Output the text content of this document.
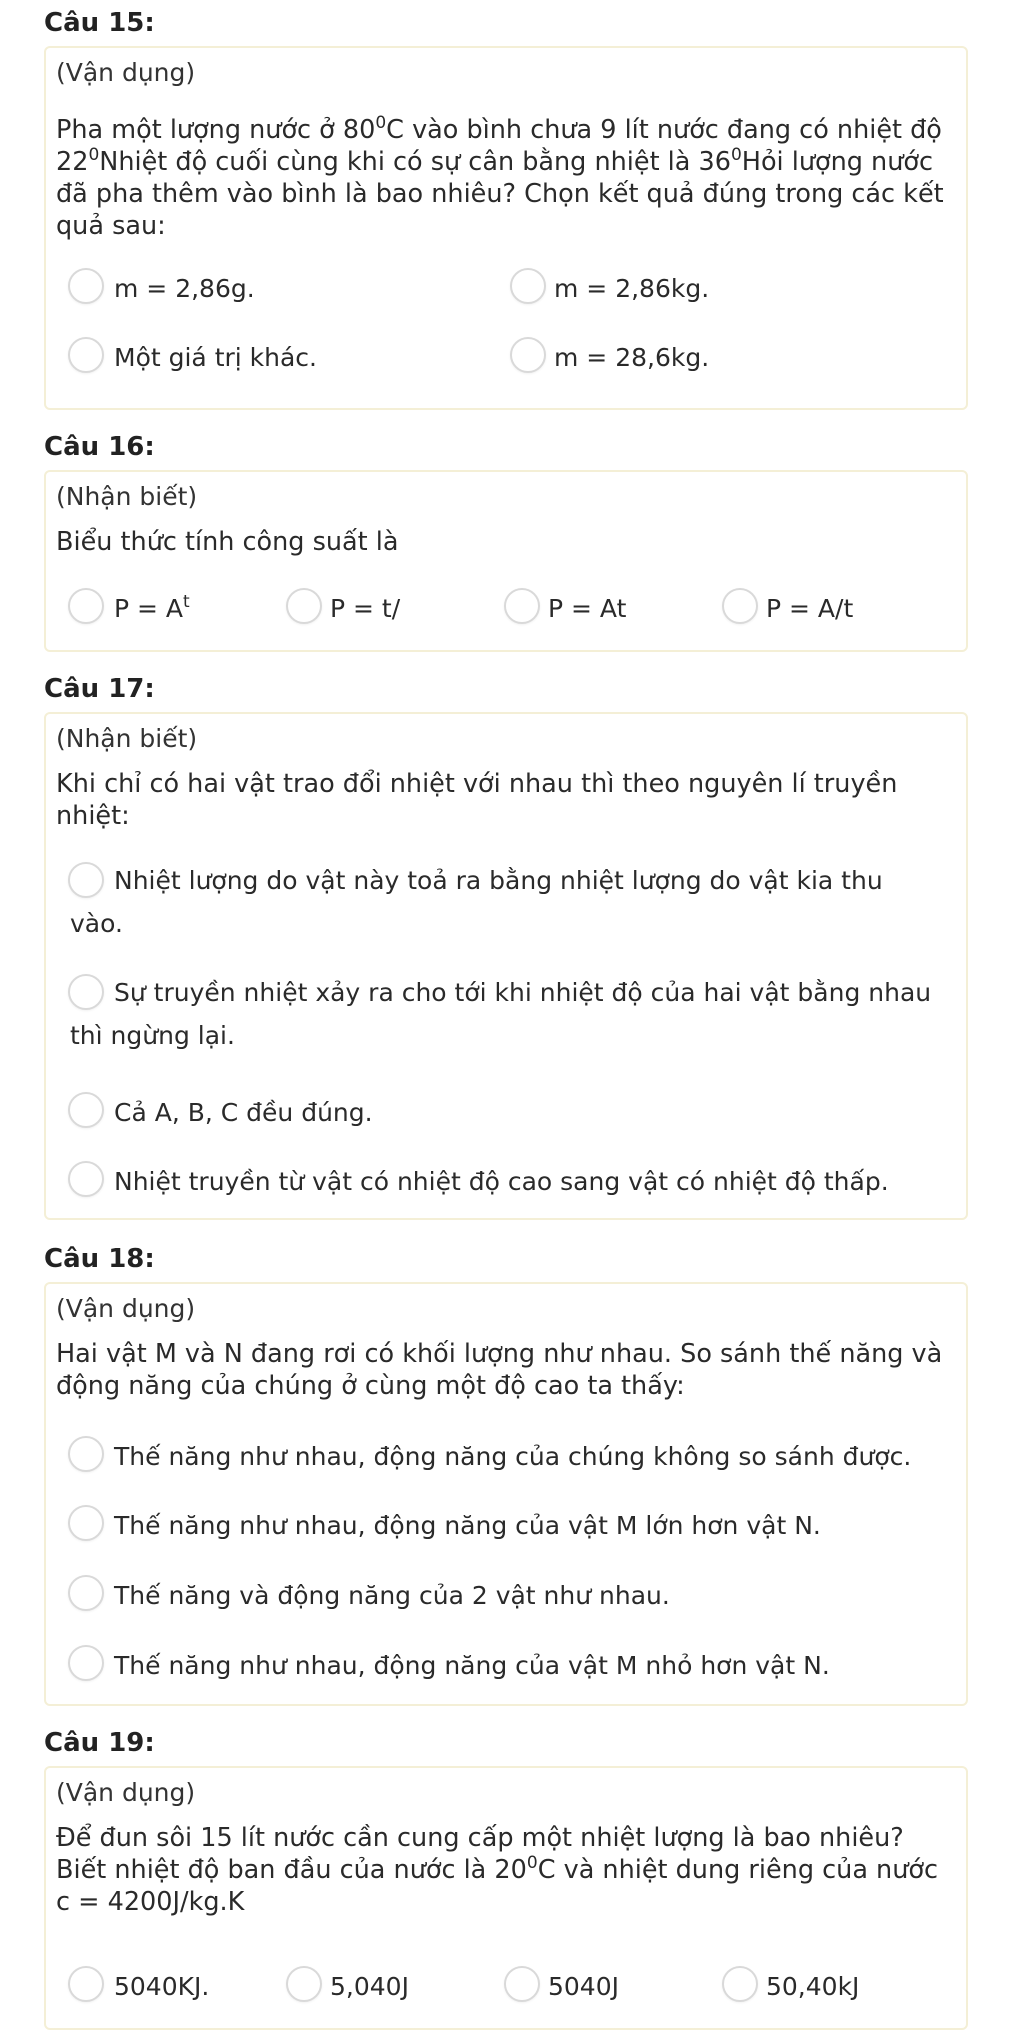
Câu 15:
(Vận dụng)
Pha một lượng nước ở $80^0C$ vào bình chưa 9 lít nước đang có nhiệt độ $22^0Nhiệt$ độ cuối cùng khi có sự cân bằng nhiệt là $36^0Hỏi$ lượng nước đã pha thêm vào bình là bao nhiêu? Chọn kết quả đúng trong các kết quả sau:
m = 2,86g.	m = 2,86kg.
Một giá trị khác.	m = 28,6kg.
Câu 16:
(Nhận biết)
Biểu thức tính công suất là
$P = A^t$	P = t/	P = At	P = A/t
Câu 17:
(Nhận biết)
Khi chỉ có hai vật trao đổi nhiệt với nhau thì theo nguyên lí truyền nhiệt:
Nhiệt lượng do vật này toả ra bằng nhiệt lượng do vật kia thu vào.
Sự truyền nhiệt xảy ra cho tới khi nhiệt độ của hai vật bằng nhau thì ngừng lại.
Cả A, B, C đều đúng.
Nhiệt truyền từ vật có nhiệt độ cao sang vật có nhiệt độ thấp.
Câu 18:
(Vận dụng)
Hai vật M và N đang rơi có khối lượng như nhau. So sánh thế năng và động năng của chúng ở cùng một độ cao ta thấy:
Thế năng như nhau, động năng của chúng không so sánh được.
Thế năng như nhau, động năng của vật M lớn hơn vật N.
Thế năng và động năng của 2 vật như nhau.
Thế năng như nhau, động năng của vật M nhỏ hơn vật N.
Câu 19:
(Vận dụng)
Để đun sôi 15 lít nước cần cung cấp một nhiệt lượng là bao nhiêu? Biết nhiệt độ ban đầu của nước là $20^0C$ và nhiệt dung riêng của nước c = 4200J/kg.K
5040KJ.	5,040J	5040J	50,40kJ
